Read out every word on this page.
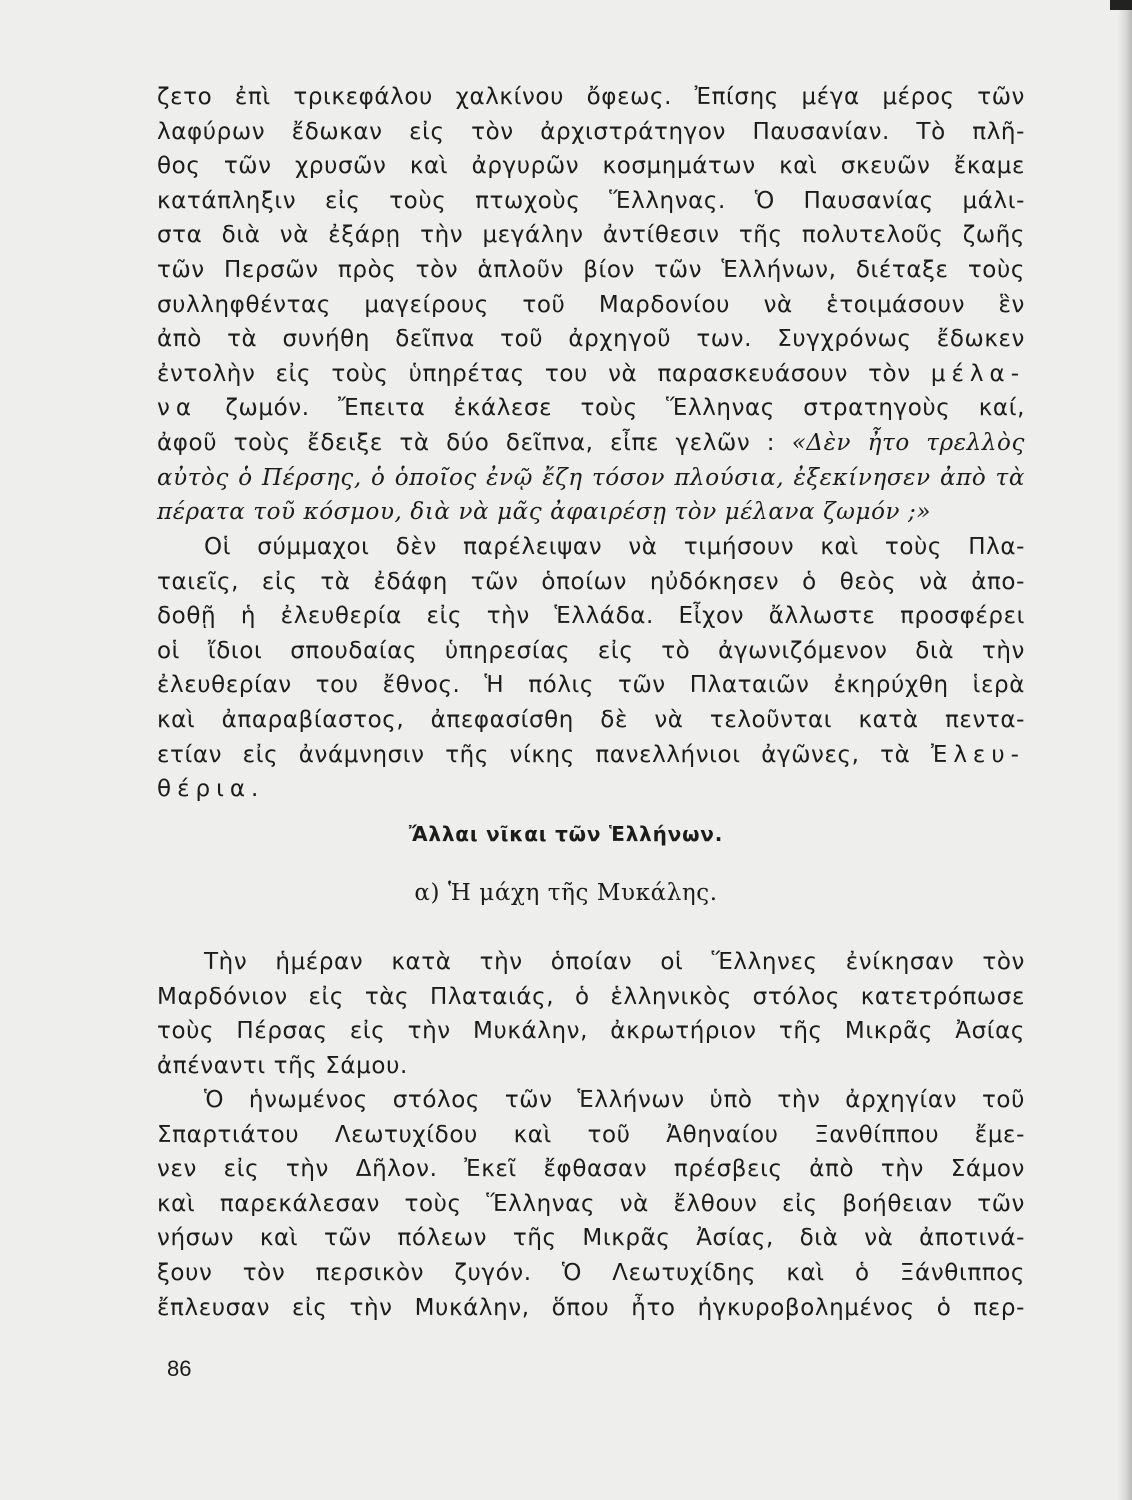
ζετο ἐπὶ τρικεφάλου χαλκίνου ὄφεως. Ἐπίσης μέγα μέρος τῶν
λαφύρων ἔδωκαν εἰς τὸν ἀρχιστράτηγον Παυσανίαν. Τὸ πλῆ-
θος τῶν χρυσῶν καὶ ἀργυρῶν κοσμημάτων καὶ σκευῶν ἔκαμε
κατάπληξιν εἰς τοὺς πτωχοὺς Ἕλληνας. Ὁ Παυσανίας μάλι-
στα διὰ νὰ ἐξάρῃ τὴν μεγάλην ἀντίθεσιν τῆς πολυτελοῦς ζωῆς
τῶν Περσῶν πρὸς τὸν ἁπλοῦν βίον τῶν Ἑλλήνων, διέταξε τοὺς
συλληφθέντας μαγείρους τοῦ Μαρδονίου νὰ ἑτοιμάσουν ἓν
ἀπὸ τὰ συνήθη δεῖπνα τοῦ ἀρχηγοῦ των. Συγχρόνως ἔδωκεν
ἐντολὴν εἰς τοὺς ὑπηρέτας του νὰ παρασκευάσουν τὸν μέλα-
να ζωμόν. Ἔπειτα ἐκάλεσε τοὺς Ἕλληνας στρατηγοὺς καί,
ἀφοῦ τοὺς ἔδειξε τὰ δύο δεῖπνα, εἶπε γελῶν : «Δὲν ἦτο τρελλὸς
αὐτὸς ὁ Πέρσης, ὁ ὁποῖος ἐνῷ ἔζη τόσον πλούσια, ἐξεκίνησεν ἀπὸ τὰ
πέρατα τοῦ κόσμου, διὰ νὰ μᾶς ἀφαιρέσῃ τὸν μέλανα ζωμόν ;»
Οἱ σύμμαχοι δὲν παρέλειψαν νὰ τιμήσουν καὶ τοὺς Πλα-
ταιεῖς, εἰς τὰ ἐδάφη τῶν ὁποίων ηὐδόκησεν ὁ θεὸς νὰ ἀπο-
δοθῇ ἡ ἐλευθερία εἰς τὴν Ἑλλάδα. Εἶχον ἄλλωστε προσφέρει
οἱ ἴδιοι σπουδαίας ὑπηρεσίας εἰς τὸ ἀγωνιζόμενον διὰ τὴν
ἐλευθερίαν του ἔθνος. Ἡ πόλις τῶν Πλαταιῶν ἐκηρύχθη ἱερὰ
καὶ ἀπαραβίαστος, ἀπεφασίσθη δὲ νὰ τελοῦνται κατὰ πεντα-
ετίαν εἰς ἀνάμνησιν τῆς νίκης πανελλήνιοι ἀγῶνες, τὰ Ἐλευ-
θέρια.
Ἄλλαι νῖκαι τῶν Ἑλλήνων.
α) Ἡ μάχη τῆς Μυκάλης.
Τὴν ἡμέραν κατὰ τὴν ὁποίαν οἱ Ἕλληνες ἐνίκησαν τὸν
Μαρδόνιον εἰς τὰς Πλαταιάς, ὁ ἑλληνικὸς στόλος κατετρόπωσε
τοὺς Πέρσας εἰς τὴν Μυκάλην, ἀκρωτήριον τῆς Μικρᾶς Ἀσίας
ἀπέναντι τῆς Σάμου.
Ὁ ἡνωμένος στόλος τῶν Ἑλλήνων ὑπὸ τὴν ἀρχηγίαν τοῦ
Σπαρτιάτου Λεωτυχίδου καὶ τοῦ Ἀθηναίου Ξανθίππου ἔμε-
νεν εἰς τὴν Δῆλον. Ἐκεῖ ἔφθασαν πρέσβεις ἀπὸ τὴν Σάμον
καὶ παρεκάλεσαν τοὺς Ἕλληνας νὰ ἔλθουν εἰς βοήθειαν τῶν
νήσων καὶ τῶν πόλεων τῆς Μικρᾶς Ἀσίας, διὰ νὰ ἀποτινά-
ξουν τὸν περσικὸν ζυγόν. Ὁ Λεωτυχίδης καὶ ὁ Ξάνθιππος
ἔπλευσαν εἰς τὴν Μυκάλην, ὅπου ἦτο ἠγκυροβολημένος ὁ περ-
86
